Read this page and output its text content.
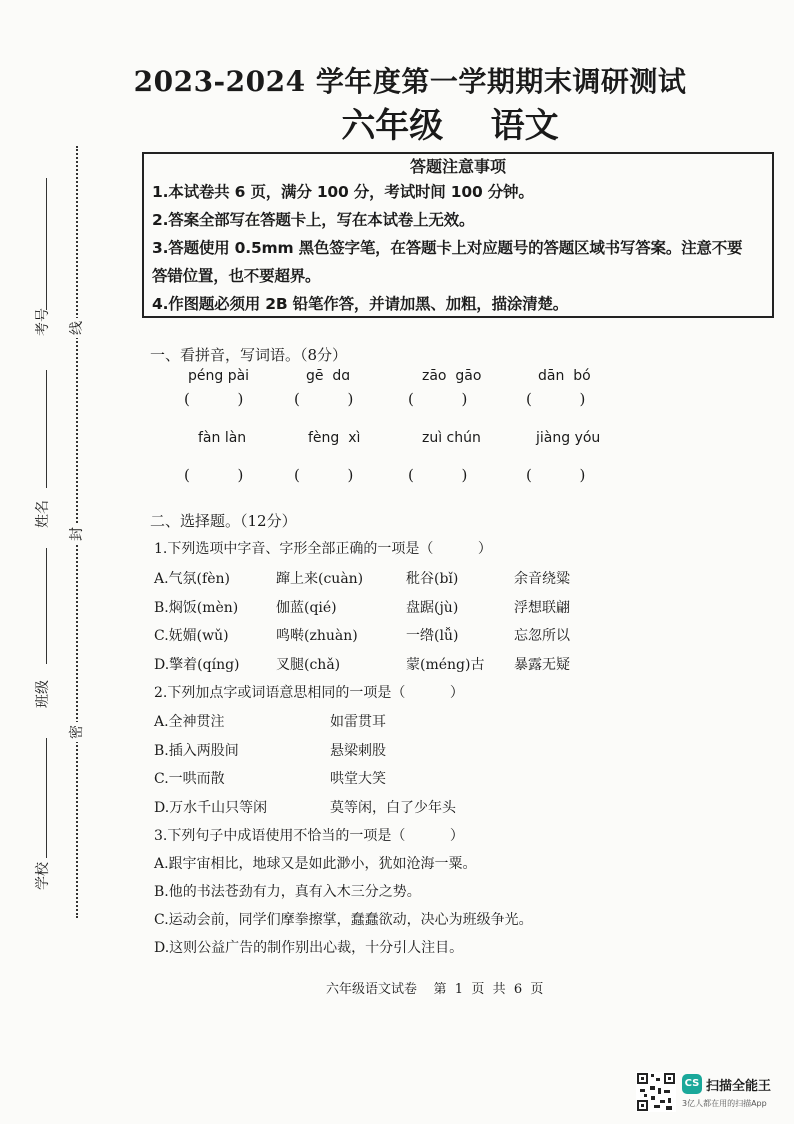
考号
姓名
班级
学校
线
封
密
2023-2024 学年度第一学期期末调研测试
六年级    语文
答题注意事项
1.本试卷共 6 页，满分 100 分，考试时间 100 分钟。
2.答案全部写在答题卡上，写在本试卷上无效。
3.答题使用 0.5mm 黑色签字笔，在答题卡上对应题号的答题区域书写答案。注意不要
答错位置，也不要超界。
4.作图题必须用 2B 铅笔作答，并请加黑、加粗，描涂清楚。
一、看拼音，写词语。（8分）
péng pài	gē  dɑ	zāo  gāo	dān  bó
(          )	(          )	(          )	(          )
fàn làn	fèng  xì	zuì chún	jiàng yóu
(          )	(          )	(          )	(          )
二、选择题。（12分）
1.下列选项中字音、字形全部正确的一项是（          ）
A.气氛(fèn)	蹿上来(cuàn)	秕谷(bǐ)	余音绕粱
B.焖饭(mèn)	伽蓝(qié)	盘踞(jù)	浮想联翩
C.妩媚(wǔ)	鸣啭(zhuàn)	一绺(lǚ)	忘忽所以
D.擎着(qíng)	叉腿(chǎ)	蒙(méng)古 暴露无疑
2.下列加点字或词语意思相同的一项是（          ）
A.全神贯注	如雷贯耳
B.插入两股间	悬梁刺股
C.一哄而散	哄堂大笑
D.万水千山只等闲	莫等闲，白了少年头
3.下列句子中成语使用不恰当的一项是（          ）
A.跟宇宙相比，地球又是如此渺小，犹如沧海一粟。
B.他的书法苍劲有力，真有入木三分之势。
C.运动会前，同学们摩拳擦掌，蠢蠢欲动，决心为班级争光。
D.这则公益广告的制作别出心裁，十分引人注目。
六年级语文试卷    第  1  页  共  6  页
CS 扫描全能王
3亿人都在用的扫描App
